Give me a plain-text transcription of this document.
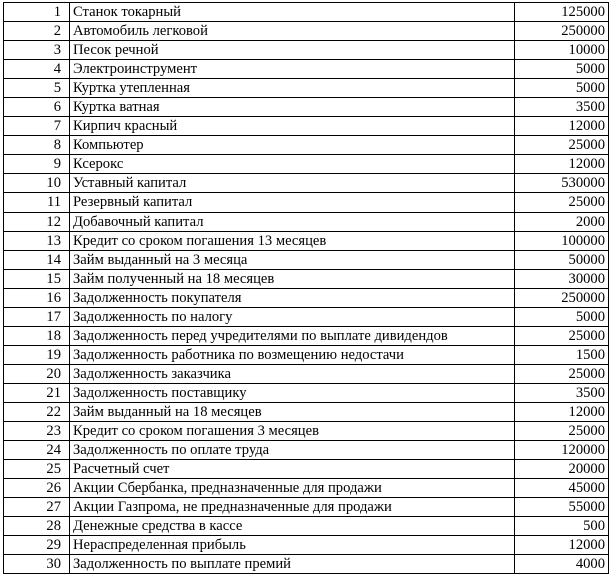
1	Станок токарный	125000
2	Автомобиль легковой	250000
3	Песок речной	10000
4	Электроинструмент	5000
5	Куртка утепленная	5000
6	Куртка ватная	3500
7	Кирпич красный	12000
8	Компьютер	25000
9	Ксерокс	12000
10	Уставный капитал	530000
11	Резервный капитал	25000
12	Добавочный капитал	2000
13	Кредит со сроком погашения 13 месяцев	100000
14	Займ выданный на 3 месяца	50000
15	Займ полученный на 18 месяцев	30000
16	Задолженность покупателя	250000
17	Задолженность по налогу	5000
18	Задолженность перед учредителями по выплате дивидендов	25000
19	Задолженность работника по возмещению недостачи	1500
20	Задолженность заказчика	25000
21	Задолженность поставщику	3500
22	Займ выданный на 18 месяцев	12000
23	Кредит со сроком погашения 3 месяцев	25000
24	Задолженность по оплате труда	120000
25	Расчетный счет	20000
26	Акции Сбербанка, предназначенные для продажи	45000
27	Акции Газпрома, не предназначенные для продажи	55000
28	Денежные средства в кассе	500
29	Нераспределенная прибыль	12000
30	Задолженность по выплате премий	4000
